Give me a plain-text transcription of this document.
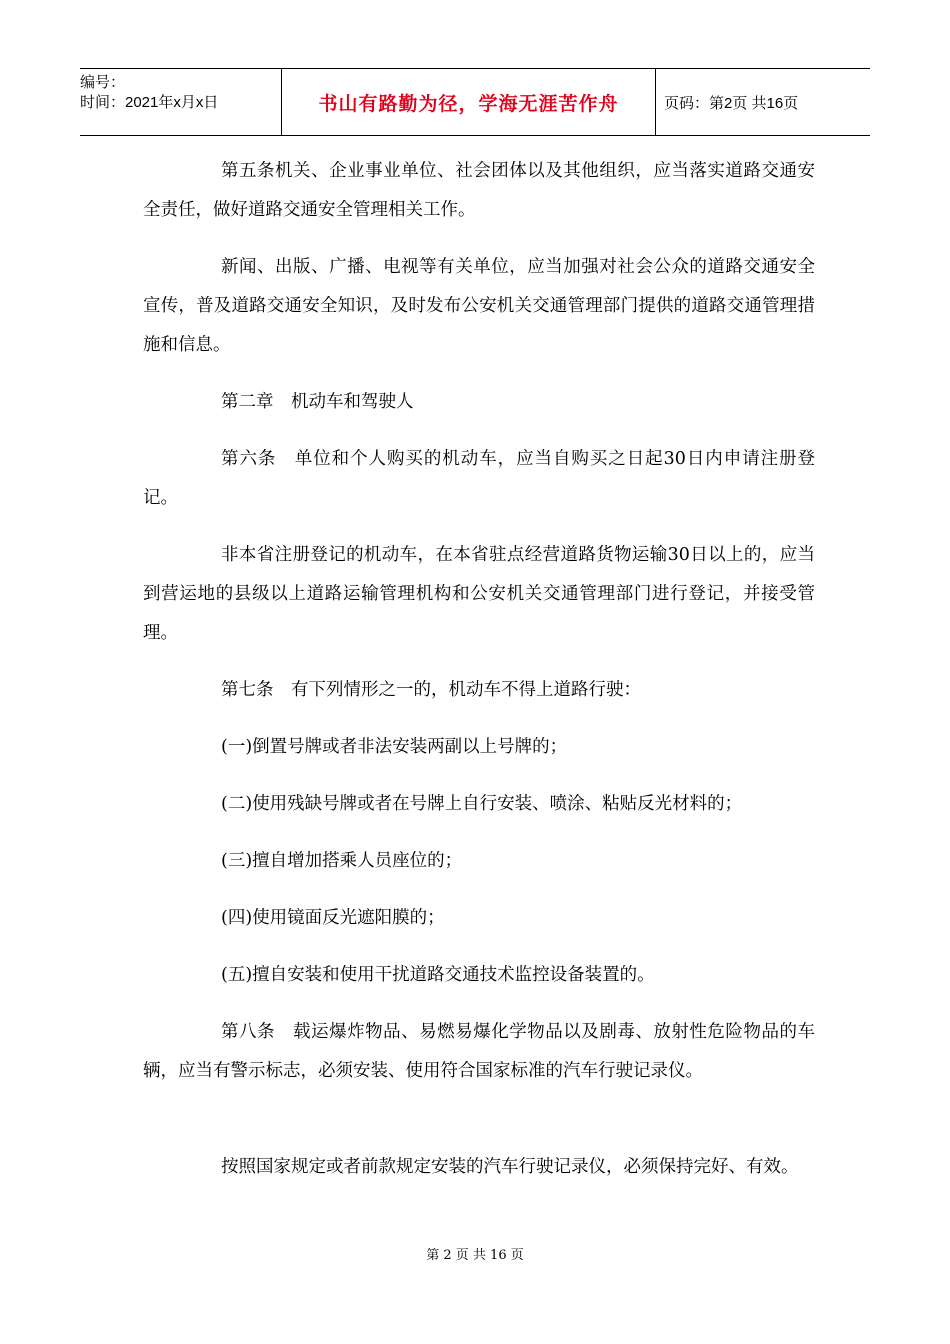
编号：
时间：2021年x月x日	书山有路勤为径，学海无涯苦作舟	页码：第2页 共16页

第五条机关、企业事业单位、社会团体以及其他组织，应当落实道路交通安全责任，做好道路交通安全管理相关工作。

新闻、出版、广播、电视等有关单位，应当加强对社会公众的道路交通安全宣传，普及道路交通安全知识，及时发布公安机关交通管理部门提供的道路交通管理措施和信息。

第二章　机动车和驾驶人

第六条　单位和个人购买的机动车，应当自购买之日起30日内申请注册登记。

非本省注册登记的机动车，在本省驻点经营道路货物运输30日以上的，应当到营运地的县级以上道路运输管理机构和公安机关交通管理部门进行登记，并接受管理。

第七条　有下列情形之一的，机动车不得上道路行驶：

(一)倒置号牌或者非法安装两副以上号牌的；

(二)使用残缺号牌或者在号牌上自行安装、喷涂、粘贴反光材料的；

(三)擅自增加搭乘人员座位的；

(四)使用镜面反光遮阳膜的；

(五)擅自安装和使用干扰道路交通技术监控设备装置的。

第八条　载运爆炸物品、易燃易爆化学物品以及剧毒、放射性危险物品的车辆，应当有警示标志，必须安装、使用符合国家标准的汽车行驶记录仪。

按照国家规定或者前款规定安装的汽车行驶记录仪，必须保持完好、有效。

第 2 页 共 16 页
